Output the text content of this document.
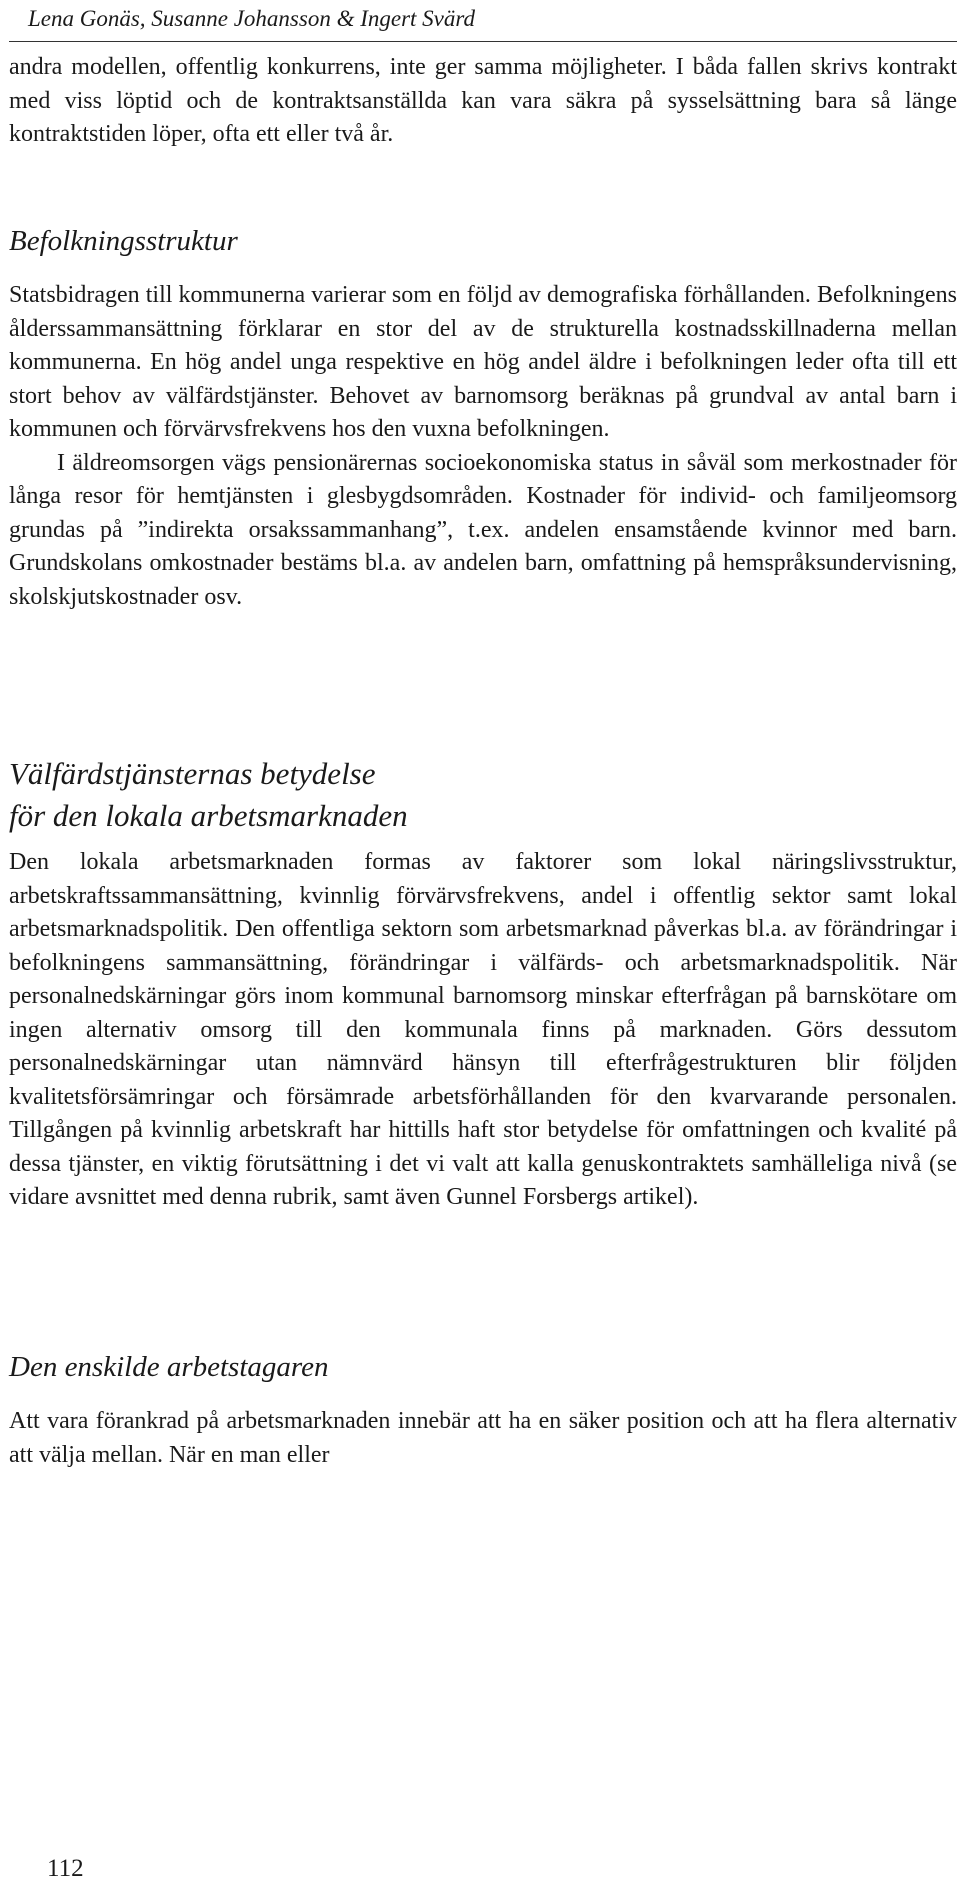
Lena Gonäs, Susanne Johansson & Ingert Svärd

andra modellen, offentlig konkurrens, inte ger samma möjligheter. I båda fallen skrivs kontrakt med viss löptid och de kontraktsanställda kan vara säkra på sysselsättning bara så länge kontraktstiden löper, ofta ett eller två år.

Befolkningsstruktur

Statsbidragen till kommunerna varierar som en följd av demografiska förhållanden. Befolkningens ålderssammansättning förklarar en stor del av de strukturella kostnadsskillnaderna mellan kommunerna. En hög andel unga respektive en hög andel äldre i befolkningen leder ofta till ett stort behov av välfärdstjänster. Behovet av barnomsorg beräknas på grundval av antal barn i kommunen och förvärvsfrekvens hos den vuxna befolkningen.

I äldreomsorgen vägs pensionärernas socioekonomiska status in såväl som merkostnader för långa resor för hemtjänsten i glesbygdsområden. Kostnader för individ- och familjeomsorg grundas på ”indirekta orsakssammanhang”, t.ex. andelen ensamstående kvinnor med barn. Grundskolans omkostnader bestäms bl.a. av andelen barn, omfattning på hemspråksundervisning, skolskjutskostnader osv.

Välfärdstjänsternas betydelse
för den lokala arbetsmarknaden

Den lokala arbetsmarknaden formas av faktorer som lokal näringslivsstruktur, arbetskraftssammansättning, kvinnlig förvärvsfrekvens, andel i offentlig sektor samt lokal arbetsmarknadspolitik. Den offentliga sektorn som arbetsmarknad påverkas bl.a. av förändringar i befolkningens sammansättning, förändringar i välfärds- och arbetsmarknadspolitik. När personalnedskärningar görs inom kommunal barnomsorg minskar efterfrågan på barnskötare om ingen alternativ omsorg till den kommunala finns på marknaden. Görs dessutom personalnedskärningar utan nämnvärd hänsyn till efterfrågestrukturen blir följden kvalitetsförsämringar och försämrade arbetsförhållanden för den kvarvarande personalen. Tillgången på kvinnlig arbetskraft har hittills haft stor betydelse för omfattningen och kvalité på dessa tjänster, en viktig förutsättning i det vi valt att kalla genuskontraktets samhälleliga nivå (se vidare avsnittet med denna rubrik, samt även Gunnel Forsbergs artikel).

Den enskilde arbetstagaren

Att vara förankrad på arbetsmarknaden innebär att ha en säker position och att ha flera alternativ att välja mellan. När en man eller

112
